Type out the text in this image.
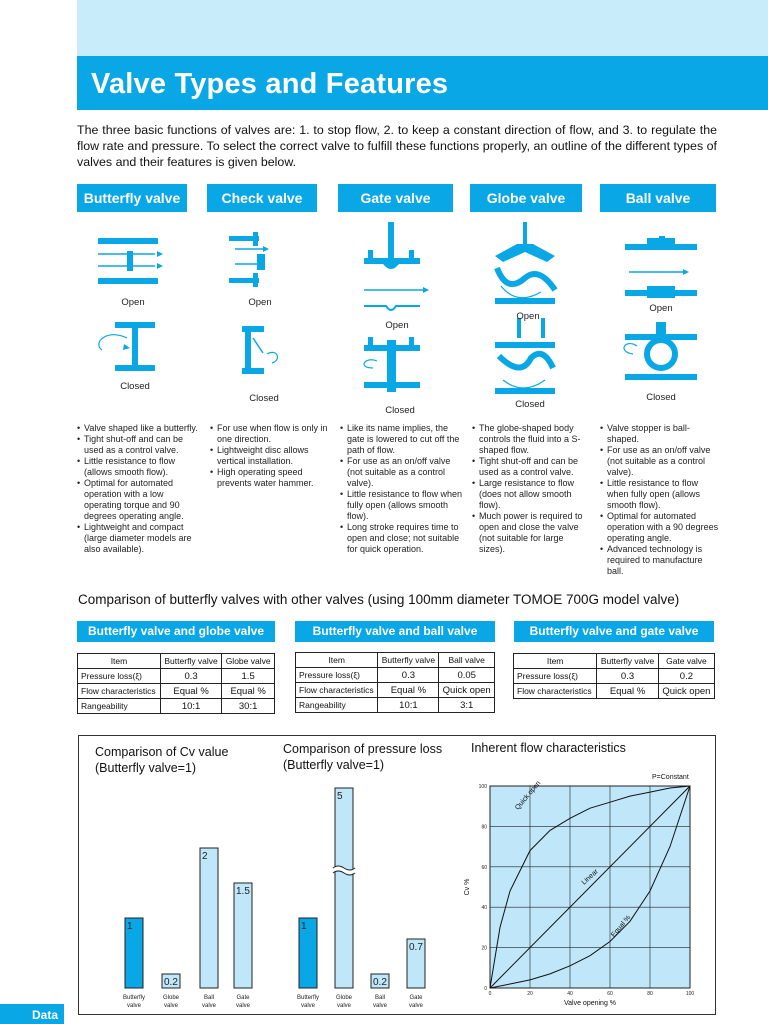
Valve Types and Features

The three basic functions of valves are: 1. to stop flow, 2. to keep a constant direction of flow, and 3. to regulate the flow rate and pressure. To select the correct valve to fulfill these functions properly, an outline of the different types of valves and their features is given below.

Butterfly valve	Check valve	Gate valve	Globe valve	Ball valve
Open
Closed
Open
Closed
Open
Closed
Open
Closed
Open
Closed
• Valve shaped like a butterfly.
• Tight shut-off and can be used as a control valve.
• Little resistance to flow (allows smooth flow).
• Optimal for automated operation with a low operating torque and 90 degrees operating angle.
• Lightweight and compact (large diameter models are also available).
• For use when flow is only in one direction.
• Lightweight disc allows vertical installation.
• High operating speed prevents water hammer.
• Like its name implies, the gate is lowered to cut off the path of flow.
• For use as an on/off valve (not suitable as a control valve).
• Little resistance to flow when fully open (allows smooth flow).
• Long stroke requires time to open and close; not suitable for quick operation.
• The globe-shaped body controls the fluid into a S-shaped flow.
• Tight shut-off and can be used as a control valve.
• Large resistance to flow (does not allow smooth flow).
• Much power is required to open and close the valve (not suitable for large sizes).
• Valve stopper is ball-shaped.
• For use as an on/off valve (not suitable as a control valve).
• Little resistance to flow when fully open (allows smooth flow).
• Optimal for automated operation with a 90 degrees operating angle.
• Advanced technology is required to manufacture ball.
Comparison of butterfly valves with other valves (using 100mm diameter TOMOE 700G model valve)
Butterfly valve and globe valve	Butterfly valve and ball valve	Butterfly valve and gate valve
Item	Butterfly valve	Globe valve
Pressure loss(ξ)	0.3	1.5
Flow characteristics	Equal %	Equal %
Rangeability	10:1	30:1
Item	Butterfly valve	Ball valve
Pressure loss(ξ)	0.3	0.05
Flow characteristics	Equal %	Quick open
Rangeability	10:1	3:1
Item	Butterfly valve	Gate valve
Pressure loss(ξ)	0.3	0.2
Flow characteristics	Equal %	Quick open
Comparison of Cv value
(Butterfly valve=1)
Comparison of pressure loss
(Butterfly valve=1)
Inherent flow characteristics
1
Butterfly
valve
0.2
Globe
valve
2
Ball
valve
1.5
Gate
valve
1
Butterfly
valve
5
Globe
valve
0.2
Ball
valve
0.7
Gate
valve
0	20	40	60	80	100
0
20
40
60
80
100	Quick open
Linear
Equal %
Valve opening %
Cv %
P=Constant
Data
